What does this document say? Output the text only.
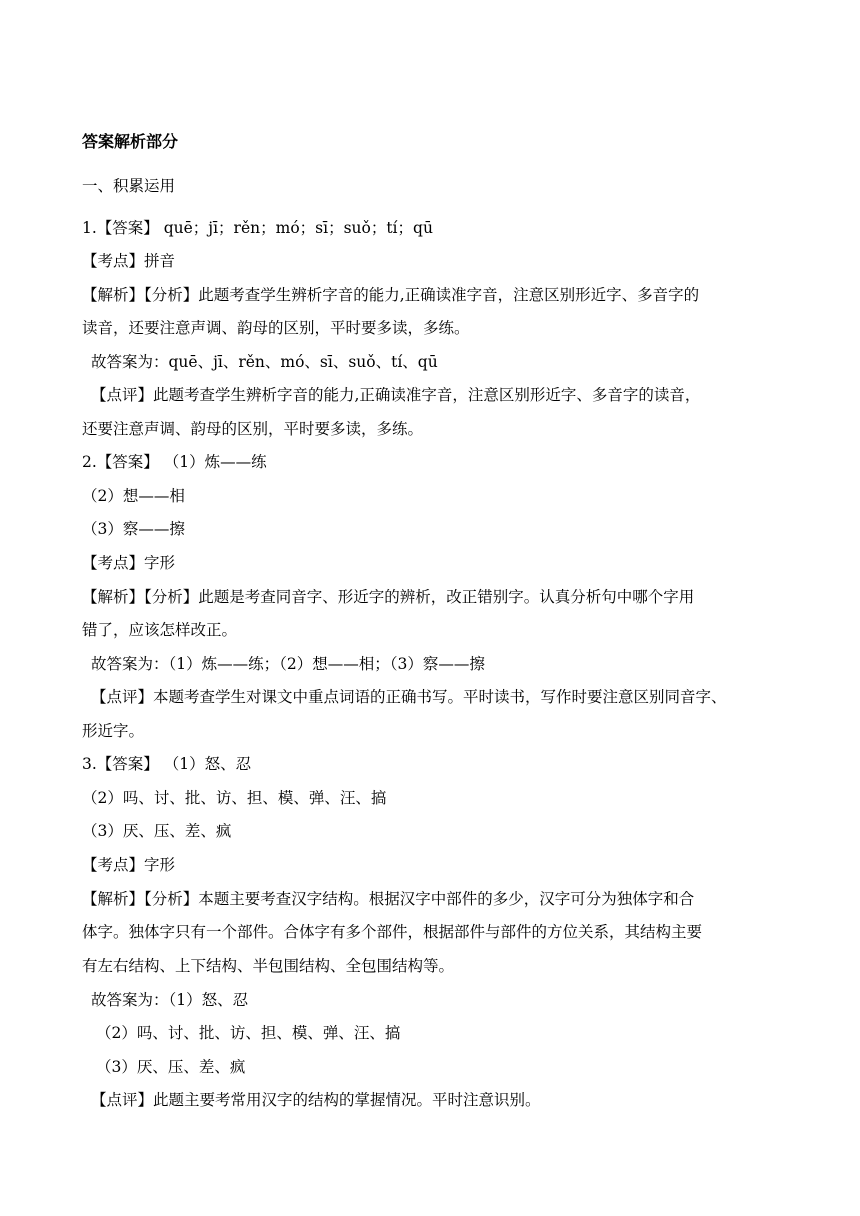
答案解析部分
一、积累运用
1.【答案】 quē；jī；rěn；mó；sī；suǒ；tí；qū
【考点】拼音
【解析】【分析】此题考查学生辨析字音的能力,正确读准字音，注意区别形近字、多音字的
读音，还要注意声调、韵母的区别，平时要多读，多练。
故答案为：quē、jī、rěn、mó、sī、suǒ、tí、qū
【点评】此题考查学生辨析字音的能力,正确读准字音，注意区别形近字、多音字的读音，
还要注意声调、韵母的区别，平时要多读，多练。
2.【答案】 （1）炼——练
（2）想——相
（3）察——擦
【考点】字形
【解析】【分析】此题是考查同音字、形近字的辨析，改正错别字。认真分析句中哪个字用
错了，应该怎样改正。
故答案为：（1）炼——练；（2）想——相；（3）察——擦
【点评】本题考查学生对课文中重点词语的正确书写。平时读书，写作时要注意区别同音字、
形近字。
3.【答案】 （1）怒、忍
（2）吗、讨、批、访、担、模、弹、汪、搞
（3）厌、压、差、疯
【考点】字形
【解析】【分析】本题主要考查汉字结构。根据汉字中部件的多少，汉字可分为独体字和合
体字。独体字只有一个部件。合体字有多个部件，根据部件与部件的方位关系，其结构主要
有左右结构、上下结构、半包围结构、全包围结构等。
故答案为：（1）怒、忍
（2）吗、讨、批、访、担、模、弹、汪、搞
（3）厌、压、差、疯
【点评】此题主要考常用汉字的结构的掌握情况。平时注意识别。
